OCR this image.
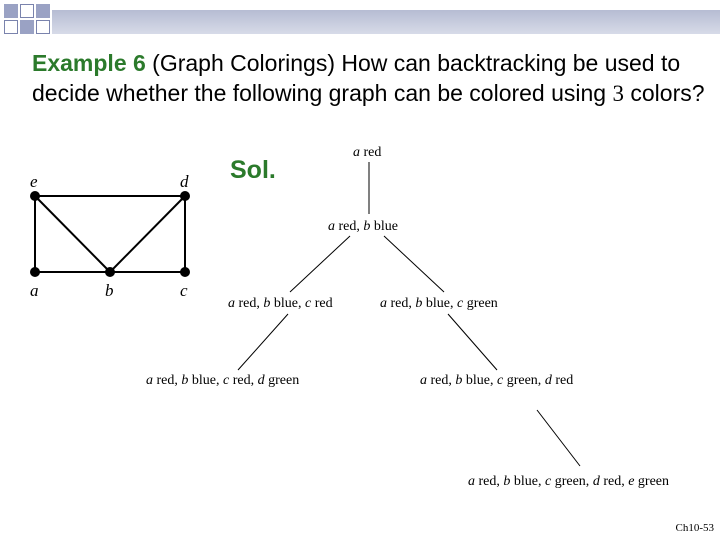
Example 6 (Graph Colorings) How can backtracking be used to decide whether the following graph can be colored using 3 colors?
Sol.
e	d
a	b	c
a red
a red, b blue
a red, b blue, c red	a red, b blue, c green
a red, b blue, c red, d green	a red, b blue, c green, d red
a red, b blue, c green, d red, e green
Ch10-53
